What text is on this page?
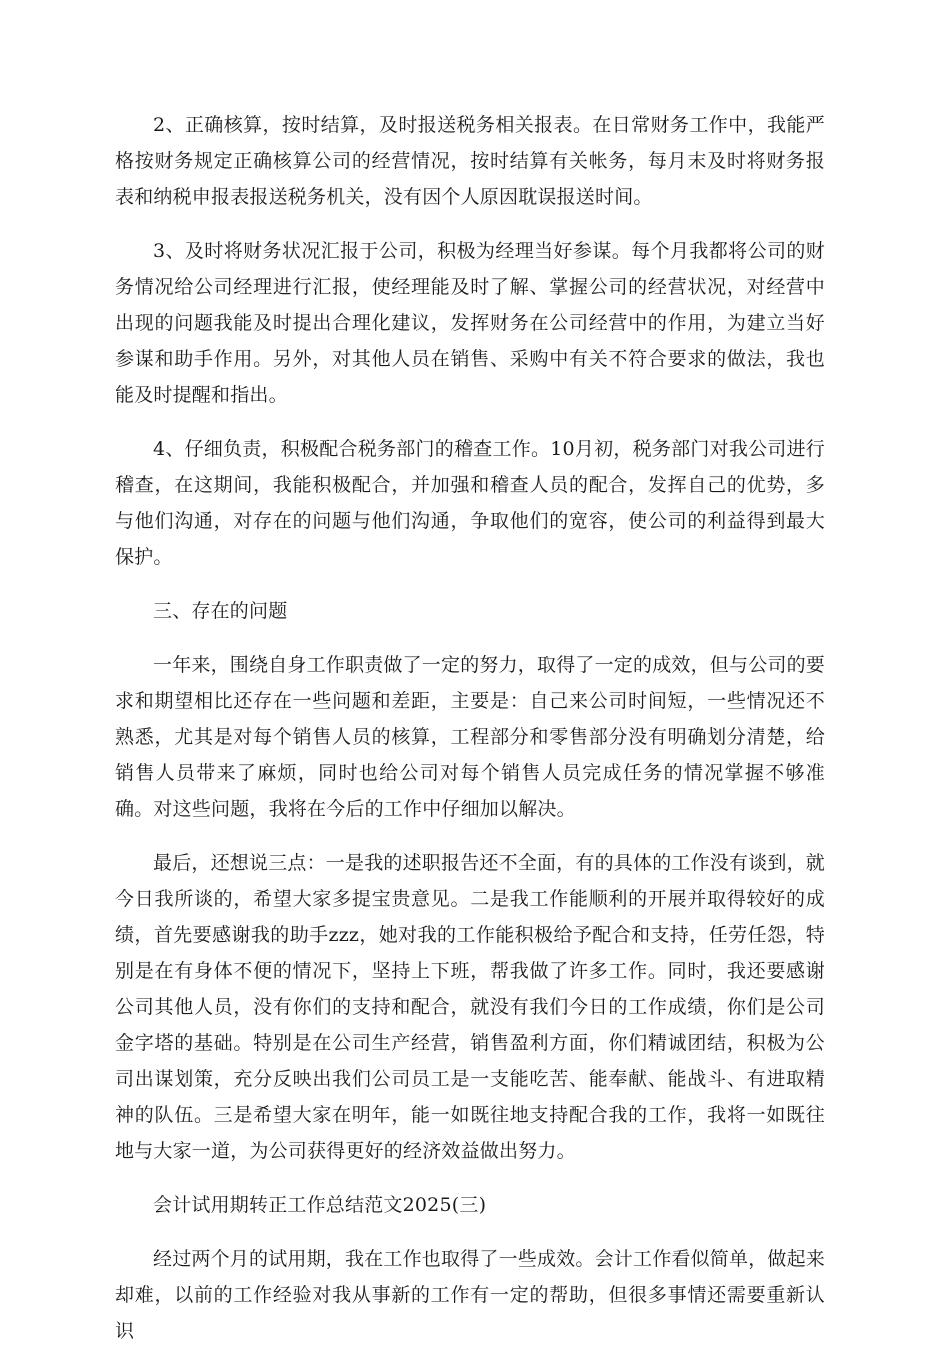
2、正确核算，按时结算，及时报送税务相关报表。在日常财务工作中，我能严格按财务规定正确核算公司的经营情况，按时结算有关帐务，每月末及时将财务报表和纳税申报表报送税务机关，没有因个人原因耽误报送时间。

3、及时将财务状况汇报于公司，积极为经理当好参谋。每个月我都将公司的财务情况给公司经理进行汇报，使经理能及时了解、掌握公司的经营状况，对经营中出现的问题我能及时提出合理化建议，发挥财务在公司经营中的作用，为建立当好参谋和助手作用。另外，对其他人员在销售、采购中有关不符合要求的做法，我也能及时提醒和指出。

4、仔细负责，积极配合税务部门的稽查工作。10月初，税务部门对我公司进行稽查，在这期间，我能积极配合，并加强和稽查人员的配合，发挥自己的优势，多与他们沟通，对存在的问题与他们沟通，争取他们的宽容，使公司的利益得到最大保护。

三、存在的问题

一年来，围绕自身工作职责做了一定的努力，取得了一定的成效，但与公司的要求和期望相比还存在一些问题和差距，主要是：自己来公司时间短，一些情况还不熟悉，尤其是对每个销售人员的核算，工程部分和零售部分没有明确划分清楚，给销售人员带来了麻烦，同时也给公司对每个销售人员完成任务的情况掌握不够准确。对这些问题，我将在今后的工作中仔细加以解决。

最后，还想说三点：一是我的述职报告还不全面，有的具体的工作没有谈到，就今日我所谈的，希望大家多提宝贵意见。二是我工作能顺利的开展并取得较好的成绩，首先要感谢我的助手zzz，她对我的工作能积极给予配合和支持，任劳任怨，特别是在有身体不便的情况下，坚持上下班，帮我做了许多工作。同时，我还要感谢公司其他人员，没有你们的支持和配合，就没有我们今日的工作成绩，你们是公司金字塔的基础。特别是在公司生产经营，销售盈利方面，你们精诚团结，积极为公司出谋划策，充分反映出我们公司员工是一支能吃苦、能奉献、能战斗、有进取精神的队伍。三是希望大家在明年，能一如既往地支持配合我的工作，我将一如既往地与大家一道，为公司获得更好的经济效益做出努力。

会计试用期转正工作总结范文2025(三)

经过两个月的试用期，我在工作也取得了一些成效。会计工作看似简单，做起来却难，以前的工作经验对我从事新的工作有一定的帮助，但很多事情还需要重新认识
